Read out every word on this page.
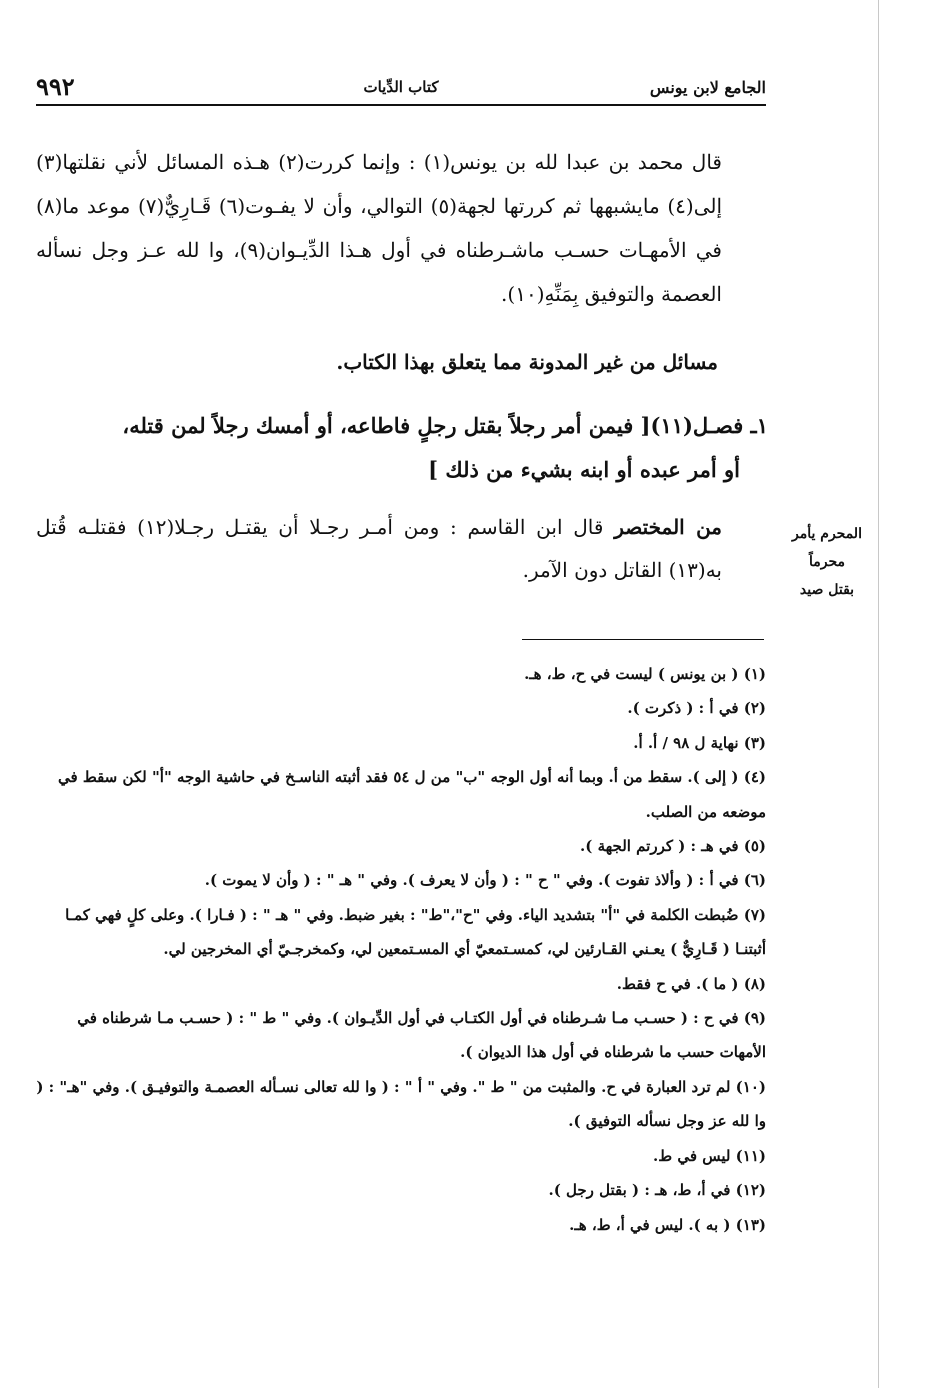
الجامع لابن يونس
كتاب الدِّيات
٩٩٢

قال محمد بن عبدا لله بن يونس(١) : وإنما كررت(٢) هـذه المسائل لأني نقلتها(٣) إلى(٤) مايشبهها ثم كررتها لجهة(٥) التوالي، وأن لا يفـوت(٦) قَـارِيٌّ(٧) موعد ما(٨) في الأمهـات حسـب ماشـرطناه في أول هـذا الدِّيـوان(٩)، وا لله عـز وجل نسأله العصمة والتوفيق بِمَنِّهِ(١٠).

مسائل من غير المدونة مما يتعلق بهذا الكتاب.

١ـ فصـل(١١)[ فيمن أمر رجلاً بقتل رجلٍ فاطاعه، أو أمسك رجلاً لمن قتله،
أو أمر عبده أو ابنه بشيء من ذلك ]

من المختصر قال ابن القاسم : ومن أمـر رجـلا أن يقتـل رجـلا(١٢) فقتلـه قُتل به(١٣) القاتل دون الآمر.

المحرم يأمر محرماً
بقتل صيد

(١) ( بن يونس ) ليست في ح، ط، هـ.

(٢) في أ : ( ذكرت ).

(٣) نهاية ل ٩٨ / أ. أ.

(٤) ( إلى ). سقط من أ. وبما أنه أول الوجه "ب" من ل ٥٤ فقد أثبته الناسـخ في حاشية الوجه "أ" لكن سقط في موضعه من الصلب.

(٥) في هـ : ( كررتم الجهة ).

(٦) في أ : ( وألاذ تفوت ). وفي " ح " : ( وأن لا يعرف ). وفي " هـ " : ( وأن لا يموت ).

(٧) ضُبطت الكلمة في "أ" بتشديد الياء. وفي "ح"،"ط" : بغير ضبط. وفي " هـ " : ( فـارا ). وعلى كلٍ فهي كمـا أثبتنـا ( قَـارِيٌّ ) يعـني القـارئين لي، كمسـتمعيّ أي المسـتمعين لي، وكمخرجـيّ أي المخرجين لي.

(٨) ( ما ). في ح فقط.

(٩) في ح : ( حسـب مـا شـرطناه في أول الكتـاب في أول الدِّيـوان ). وفي " ط " : ( حسـب مـا شرطناه في الأمهات حسب ما شرطناه في أول هذا الديوان ).

(١٠) لم ترد العبارة في ح. والمثبت من " ط ". وفي " أ " : ( وا لله تعالى نسـأله العصمـة والتوفيـق ). وفي "هـ" : ( وا لله عز وجل نسأله التوفيق ).

(١١) ليس في ط.

(١٢) في أ، ط، هـ : ( بقتل رجل ).

(١٣) ( به ). ليس في أ، ط، هـ.
